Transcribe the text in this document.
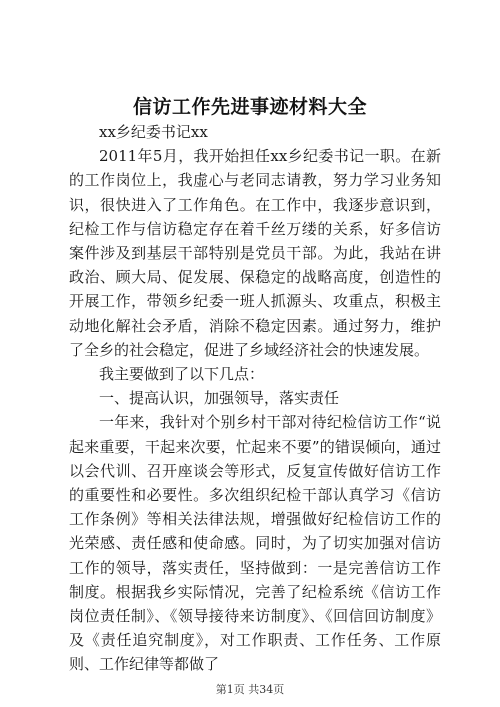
信访工作先进事迹材料大全

xx乡纪委书记xx

2011年5月，我开始担任xx乡纪委书记一职。在新的工作岗位上，我虚心与老同志请教，努力学习业务知识，很快进入了工作角色。在工作中，我逐步意识到，纪检工作与信访稳定存在着千丝万缕的关系，好多信访案件涉及到基层干部特别是党员干部。为此，我站在讲政治、顾大局、促发展、保稳定的战略高度，创造性的开展工作，带领乡纪委一班人抓源头、攻重点，积极主动地化解社会矛盾，消除不稳定因素。通过努力，维护了全乡的社会稳定，促进了乡域经济社会的快速发展。

我主要做到了以下几点：

一、提高认识，加强领导，落实责任

一年来，我针对个别乡村干部对待纪检信访工作“说起来重要，干起来次要，忙起来不要”的错误倾向，通过以会代训、召开座谈会等形式，反复宣传做好信访工作的重要性和必要性。多次组织纪检干部认真学习《信访工作条例》等相关法律法规，增强做好纪检信访工作的光荣感、责任感和使命感。同时，为了切实加强对信访工作的领导，落实责任，坚持做到：一是完善信访工作制度。根据我乡实际情况，完善了纪检系统《信访工作岗位责任制》、《领导接待来访制度》、《回信回访制度》及《责任追究制度》，对工作职责、工作任务、工作原则、工作纪律等都做了

第1页 共34页
